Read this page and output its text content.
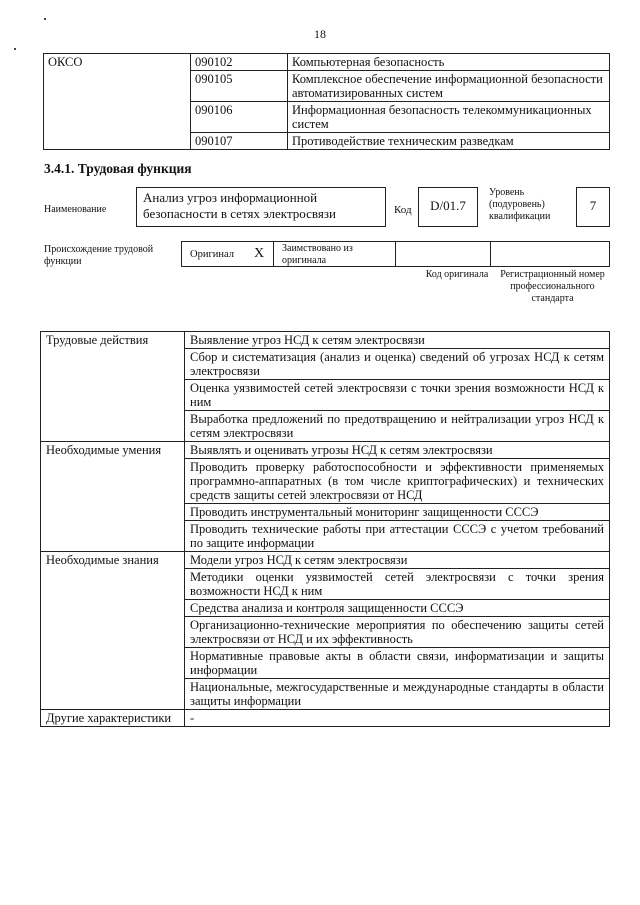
18
ОКСО	090102	Компьютерная безопасность
	090105	Комплексное обеспечение информационной безопасности автоматизированных систем
	090106	Информационная безопасность телекоммуникационных систем
	090107	Противодействие техническим разведкам
3.4.1. Трудовая функция
Наименование
Анализ угроз информационной безопасности в сетях электросвязи	Код	D/01.7
Уровень (подуровень) квалификации
7
Происхождение трудовой функции
Оригинал X Заимствовано из оригинала
Код оригинала	Регистрационный номер профессионального стандарта
Трудовые действия	Выявление угроз НСД к сетям электросвязи
	Сбор и систематизация (анализ и оценка) сведений об угрозах НСД к сетям электросвязи
	Оценка уязвимостей сетей электросвязи с точки зрения возможности НСД к ним
	Выработка предложений по предотвращению и нейтрализации угроз НСД к сетям электросвязи
Необходимые умения	Выявлять и оценивать угрозы НСД к сетям электросвязи
	Проводить проверку работоспособности и эффективности применяемых программно-аппаратных (в том числе криптографических) и технических средств защиты сетей электросвязи от НСД
	Проводить инструментальный мониторинг защищенности СССЭ
	Проводить технические работы при аттестации СССЭ с учетом требований по защите информации
Необходимые знания	Модели угроз НСД к сетям электросвязи
	Методики оценки уязвимостей сетей электросвязи с точки зрения возможности НСД к ним
	Средства анализа и контроля защищенности СССЭ
	Организационно-технические мероприятия по обеспечению защиты сетей электросвязи от НСД и их эффективность
	Нормативные правовые акты в области связи, информатизации и защиты информации
	Национальные, межгосударственные и международные стандарты в области защиты информации
Другие характеристики	-
